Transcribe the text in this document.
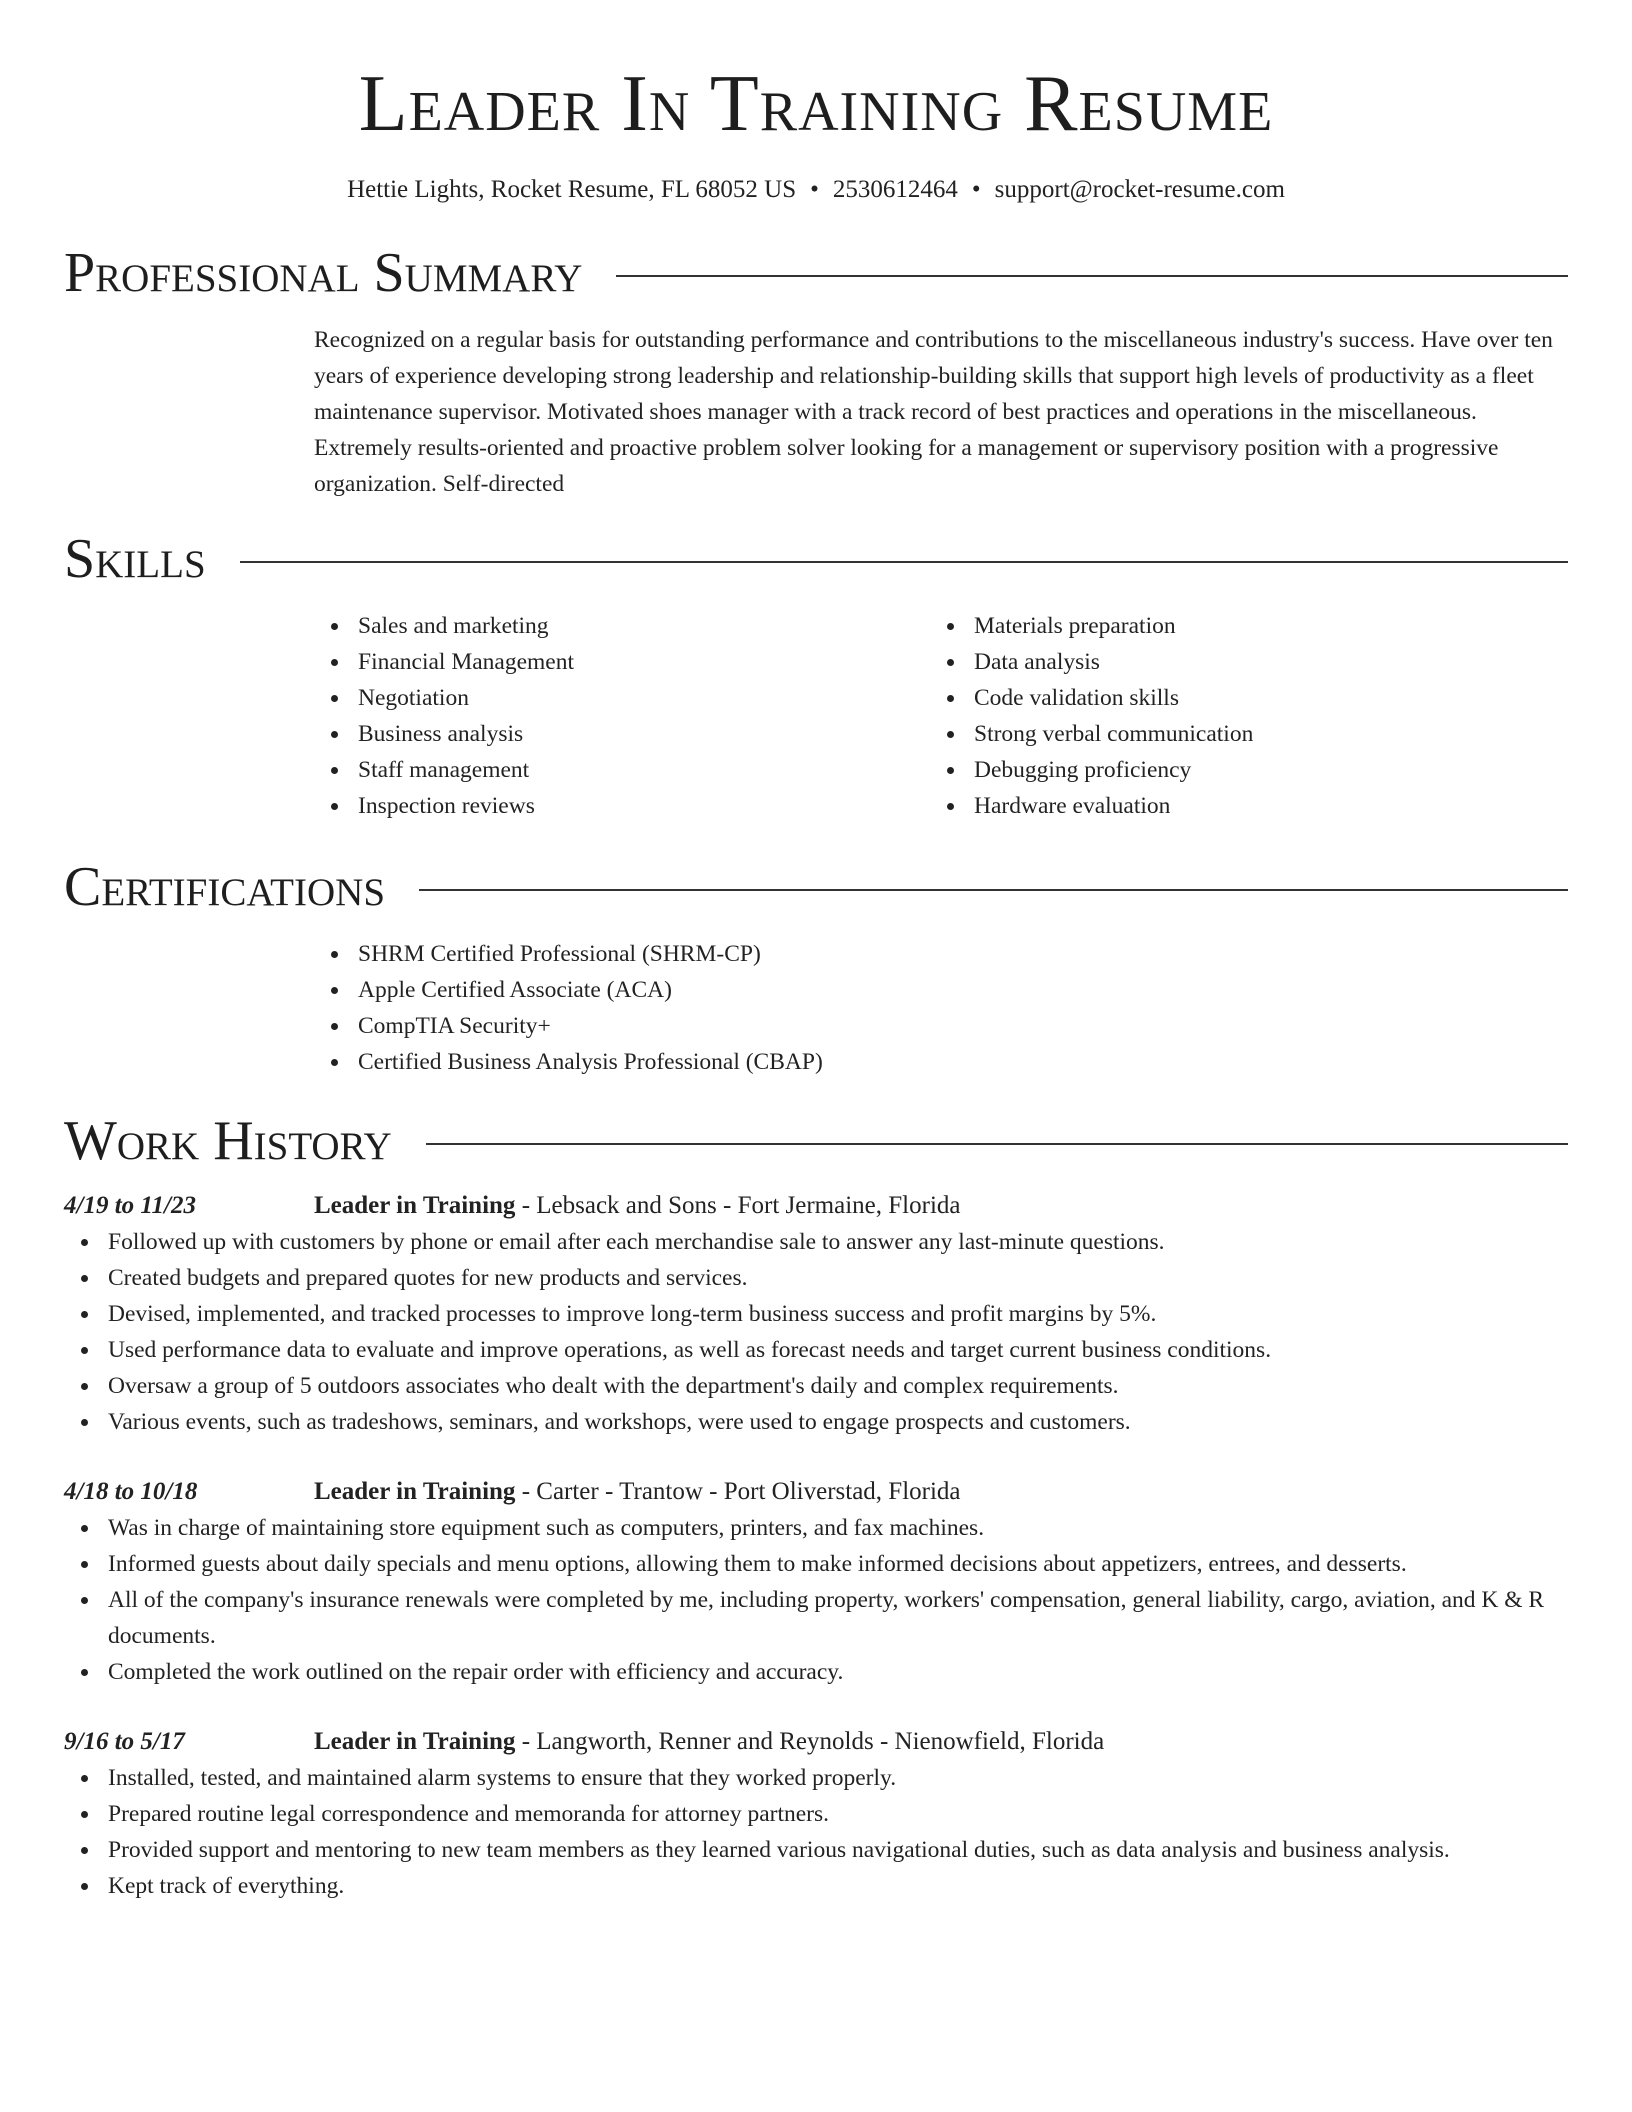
Leader In Training Resume
Hettie Lights, Rocket Resume, FL 68052 US • 2530612464 • support@rocket-resume.com
Professional Summary
Recognized on a regular basis for outstanding performance and contributions to the miscellaneous industry's success. Have over ten years of experience developing strong leadership and relationship-building skills that support high levels of productivity as a fleet maintenance supervisor. Motivated shoes manager with a track record of best practices and operations in the miscellaneous. Extremely results-oriented and proactive problem solver looking for a management or supervisory position with a progressive organization. Self-directed
Skills
Sales and marketing
Financial Management
Negotiation
Business analysis
Staff management
Inspection reviews
Materials preparation
Data analysis
Code validation skills
Strong verbal communication
Debugging proficiency
Hardware evaluation
Certifications
SHRM Certified Professional (SHRM-CP)
Apple Certified Associate (ACA)
CompTIA Security+
Certified Business Analysis Professional (CBAP)
Work History
4/19 to 11/23	Leader in Training - Lebsack and Sons - Fort Jermaine, Florida
Followed up with customers by phone or email after each merchandise sale to answer any last-minute questions.
Created budgets and prepared quotes for new products and services.
Devised, implemented, and tracked processes to improve long-term business success and profit margins by 5%.
Used performance data to evaluate and improve operations, as well as forecast needs and target current business conditions.
Oversaw a group of 5 outdoors associates who dealt with the department's daily and complex requirements.
Various events, such as tradeshows, seminars, and workshops, were used to engage prospects and customers.
4/18 to 10/18	Leader in Training - Carter - Trantow - Port Oliverstad, Florida
Was in charge of maintaining store equipment such as computers, printers, and fax machines.
Informed guests about daily specials and menu options, allowing them to make informed decisions about appetizers, entrees, and desserts.
All of the company's insurance renewals were completed by me, including property, workers' compensation, general liability, cargo, aviation, and K & R documents.
Completed the work outlined on the repair order with efficiency and accuracy.
9/16 to 5/17	Leader in Training - Langworth, Renner and Reynolds - Nienowfield, Florida
Installed, tested, and maintained alarm systems to ensure that they worked properly.
Prepared routine legal correspondence and memoranda for attorney partners.
Provided support and mentoring to new team members as they learned various navigational duties, such as data analysis and business analysis.
Kept track of everything.
